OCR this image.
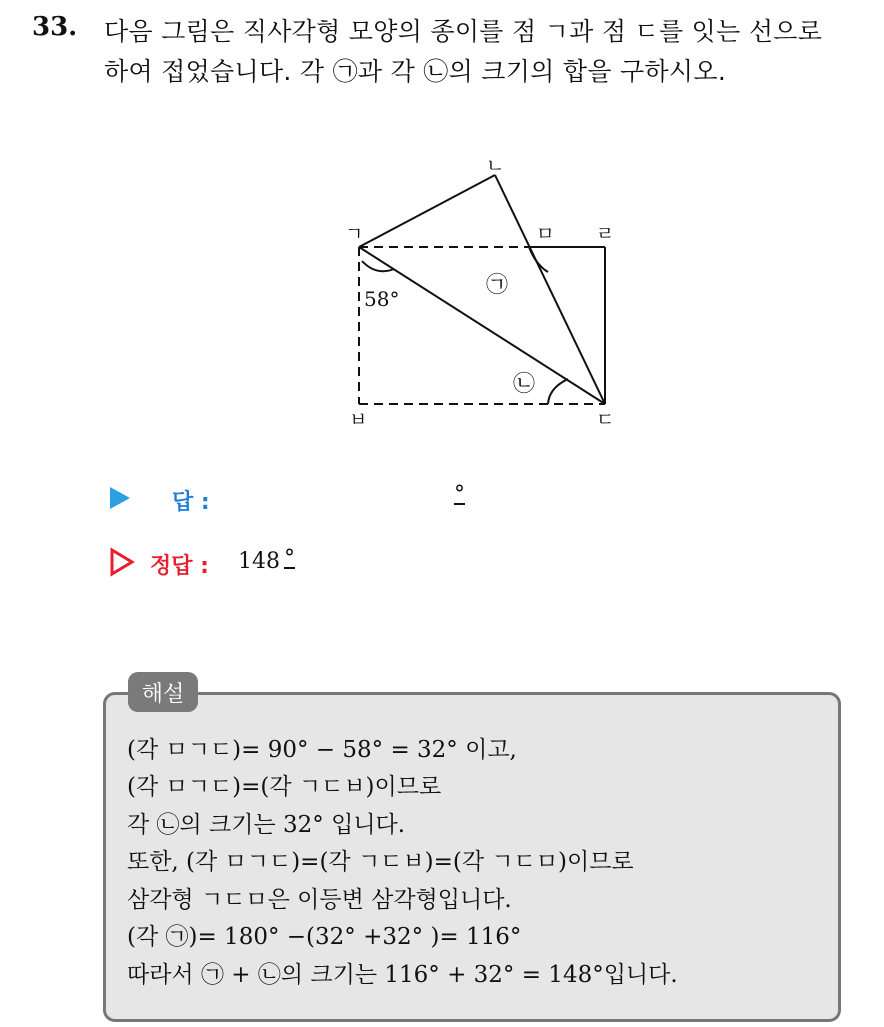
33. 다음 그림은 직사각형 모양의 종이를 점 ㄱ과 점 ㄷ를 잇는 선으로
하여 접었습니다. 각 ㉠과 각 ㉡의 크기의 합을 구하시오.
ㄴ
ㄱ	ㅁ ㄹ
ㄷ
ㅂ
58°
㉠
㉡
답 :	°
정답 : 148 °
해설
(각 ㅁㄱㄷ)= 90° − 58° = 32° 이고,
(각 ㅁㄱㄷ)=(각 ㄱㄷㅂ)이므로
각 ㉡의 크기는 32° 입니다.
또한, (각 ㅁㄱㄷ)=(각 ㄱㄷㅂ)=(각 ㄱㄷㅁ)이므로
삼각형 ㄱㄷㅁ은 이등변 삼각형입니다.
(각 ㉠)= 180° −(32° +32° )= 116°
따라서 ㉠ + ㉡의 크기는 116° + 32° = 148°입니다.
